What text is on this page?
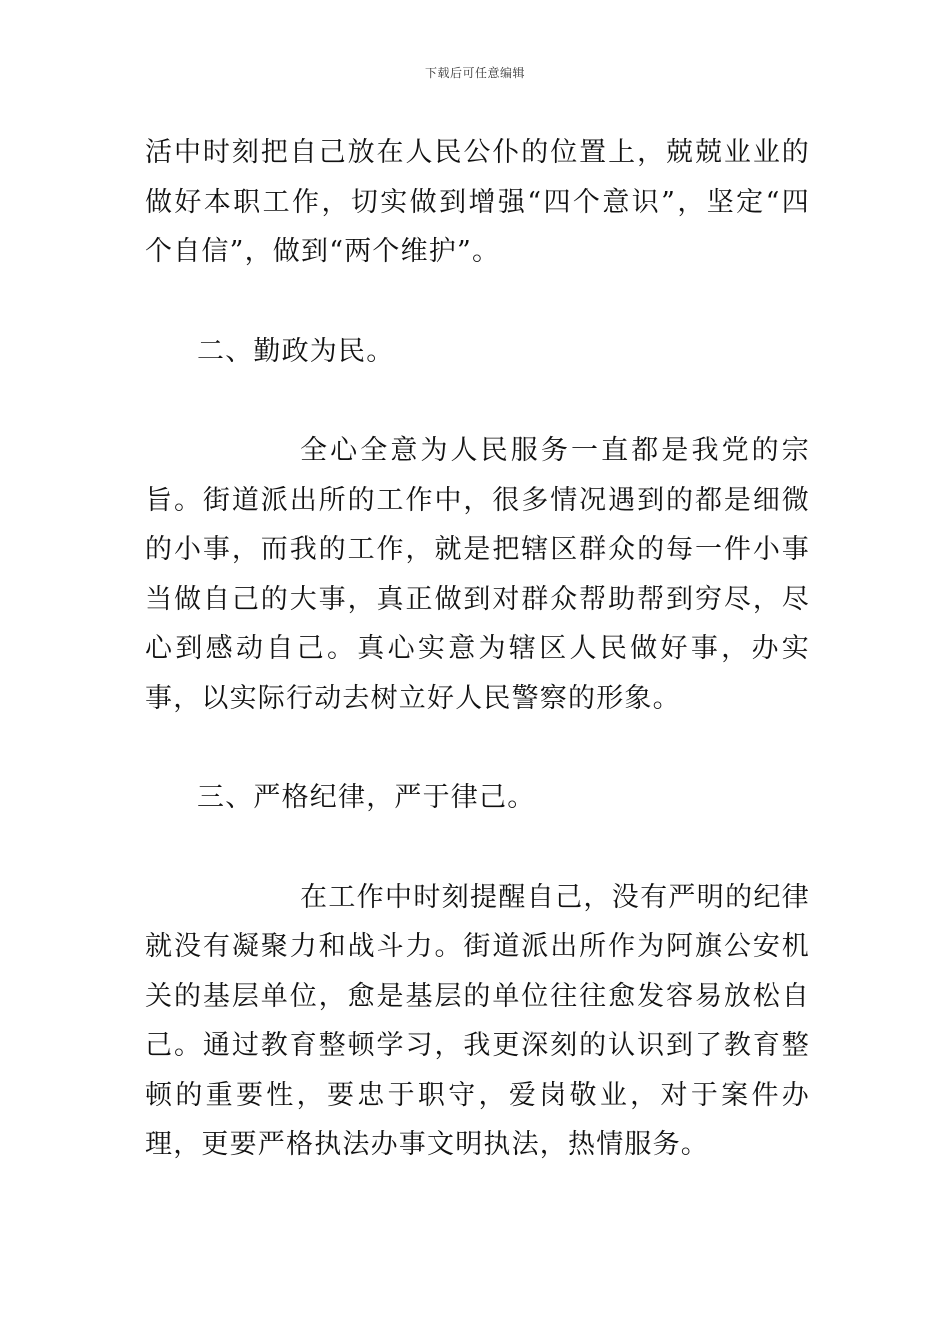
下载后可任意编辑

活中时刻把自己放在人民公仆的位置上，兢兢业业的做好本职工作，切实做到增强“四个意识”，坚定“四个自信”，做到“两个维护”。

二、勤政为民。

全心全意为人民服务一直都是我党的宗旨。街道派出所的工作中，很多情况遇到的都是细微的小事，而我的工作，就是把辖区群众的每一件小事当做自己的大事，真正做到对群众帮助帮到穷尽，尽心到感动自己。真心实意为辖区人民做好事，办实事，以实际行动去树立好人民警察的形象。

三、严格纪律，严于律己。

在工作中时刻提醒自己，没有严明的纪律就没有凝聚力和战斗力。街道派出所作为阿旗公安机关的基层单位，愈是基层的单位往往愈发容易放松自己。通过教育整顿学习，我更深刻的认识到了教育整顿的重要性，要忠于职守，爱岗敬业，对于案件办理，更要严格执法办事文明执法，热情服务。
